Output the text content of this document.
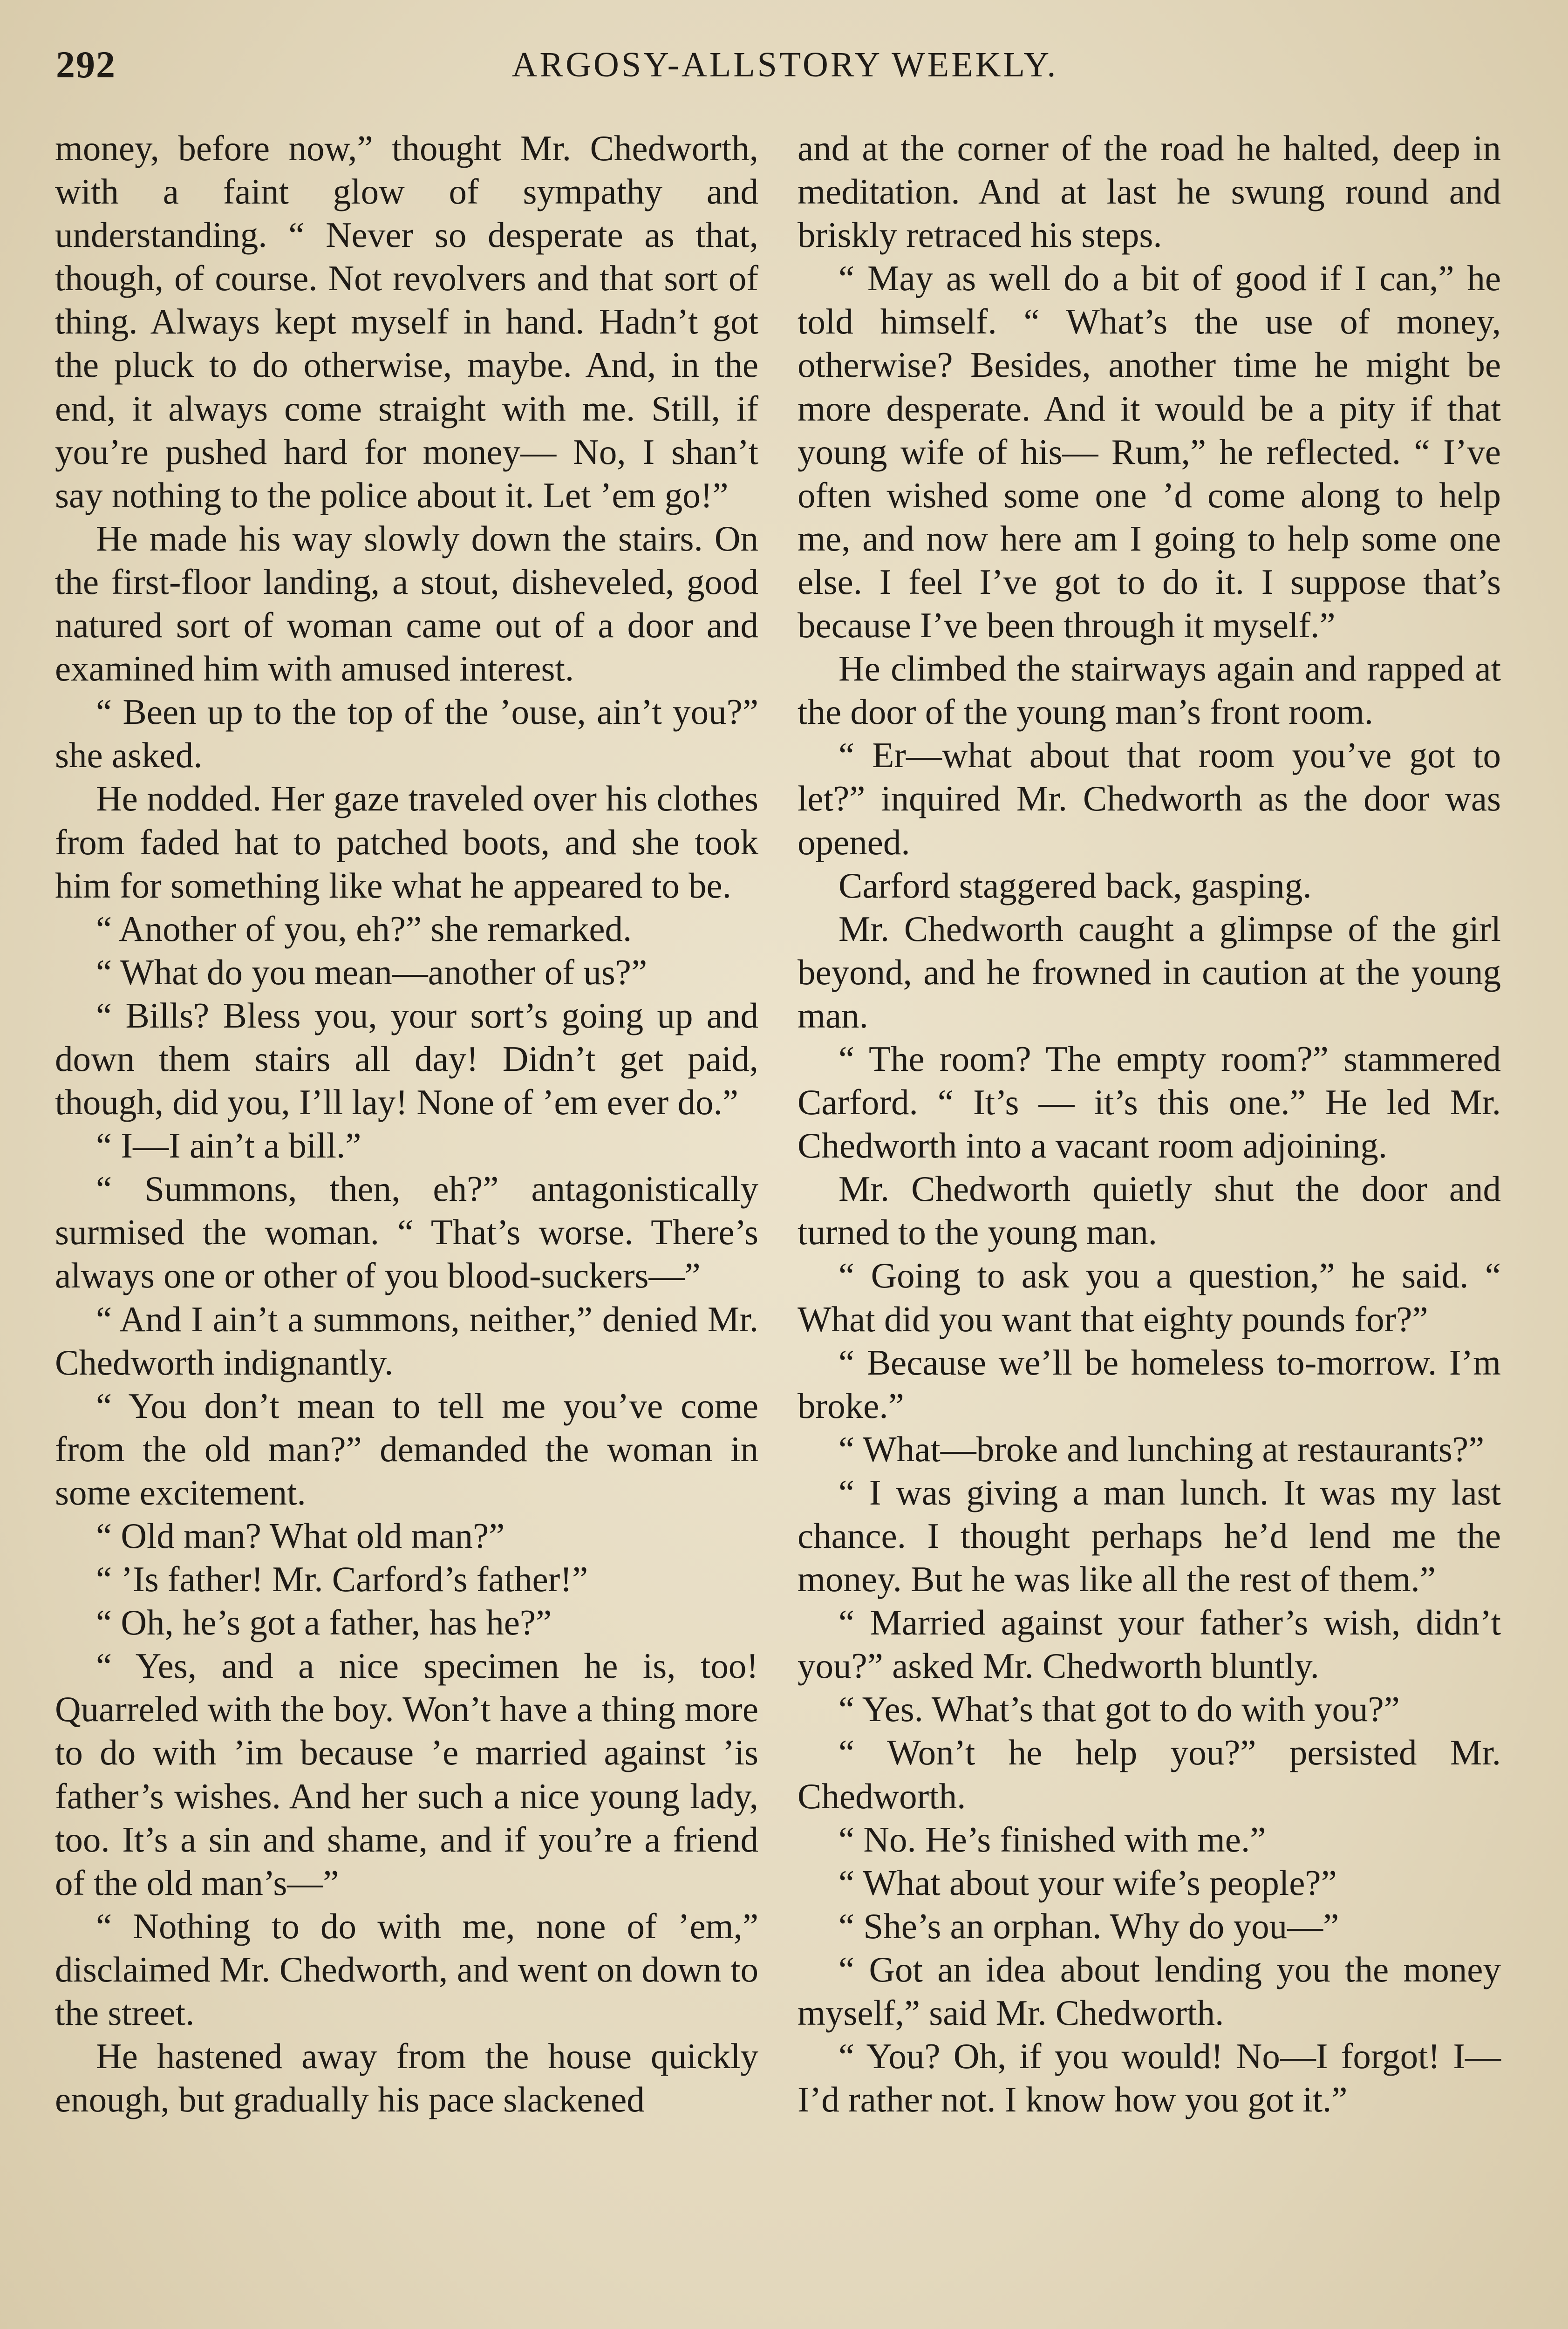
292	ARGOSY-ALLSTORY WEEKLY.

money, before now,” thought Mr. Chedworth, with a faint glow of sympathy and understanding. “ Never so desperate as that, though, of course. Not revolvers and that sort of thing. Always kept myself in hand. Hadn’t got the pluck to do otherwise, maybe. And, in the end, it always come straight with me. Still, if you’re pushed hard for money— No, I shan’t say nothing to the police about it. Let ’em go!”

He made his way slowly down the stairs. On the first-floor landing, a stout, disheveled, good natured sort of woman came out of a door and examined him with amused interest.

“ Been up to the top of the ’ouse, ain’t you?” she asked.

He nodded. Her gaze traveled over his clothes from faded hat to patched boots, and she took him for something like what he appeared to be.

“ Another of you, eh?” she remarked.

“ What do you mean—another of us?”

“ Bills? Bless you, your sort’s going up and down them stairs all day! Didn’t get paid, though, did you, I’ll lay! None of ’em ever do.”

“ I—I ain’t a bill.”

“ Summons, then, eh?” antagonistically surmised the woman. “ That’s worse. There’s always one or other of you blood-suckers—”

“ And I ain’t a summons, neither,” denied Mr. Chedworth indignantly.

“ You don’t mean to tell me you’ve come from the old man?” demanded the woman in some excitement.

“ Old man? What old man?”

“ ’Is father! Mr. Carford’s father!”

“ Oh, he’s got a father, has he?”

“ Yes, and a nice specimen he is, too! Quarreled with the boy. Won’t have a thing more to do with ’im because ’e married against ’is father’s wishes. And her such a nice young lady, too. It’s a sin and shame, and if you’re a friend of the old man’s—”

“ Nothing to do with me, none of ’em,” disclaimed Mr. Chedworth, and went on down to the street.

He hastened away from the house quickly enough, but gradually his pace slackened

and at the corner of the road he halted, deep in meditation. And at last he swung round and briskly retraced his steps.

“ May as well do a bit of good if I can,” he told himself. “ What’s the use of money, otherwise? Besides, another time he might be more desperate. And it would be a pity if that young wife of his— Rum,” he reflected. “ I’ve often wished some one ’d come along to help me, and now here am I going to help some one else. I feel I’ve got to do it. I suppose that’s because I’ve been through it myself.”

He climbed the stairways again and rapped at the door of the young man’s front room.

“ Er—what about that room you’ve got to let?” inquired Mr. Chedworth as the door was opened.

Carford staggered back, gasping.

Mr. Chedworth caught a glimpse of the girl beyond, and he frowned in caution at the young man.

“ The room? The empty room?” stammered Carford. “ It’s — it’s this one.” He led Mr. Chedworth into a vacant room adjoining.

Mr. Chedworth quietly shut the door and turned to the young man.

“ Going to ask you a question,” he said. “ What did you want that eighty pounds for?”

“ Because we’ll be homeless to-morrow. I’m broke.”

“ What—broke and lunching at restaurants?”

“ I was giving a man lunch. It was my last chance. I thought perhaps he’d lend me the money. But he was like all the rest of them.”

“ Married against your father’s wish, didn’t you?” asked Mr. Chedworth bluntly.

“ Yes. What’s that got to do with you?”

“ Won’t he help you?” persisted Mr. Chedworth.

“ No. He’s finished with me.”

“ What about your wife’s people?”

“ She’s an orphan. Why do you—”

“ Got an idea about lending you the money myself,” said Mr. Chedworth.

“ You? Oh, if you would! No—I forgot! I—I’d rather not. I know how you got it.”
